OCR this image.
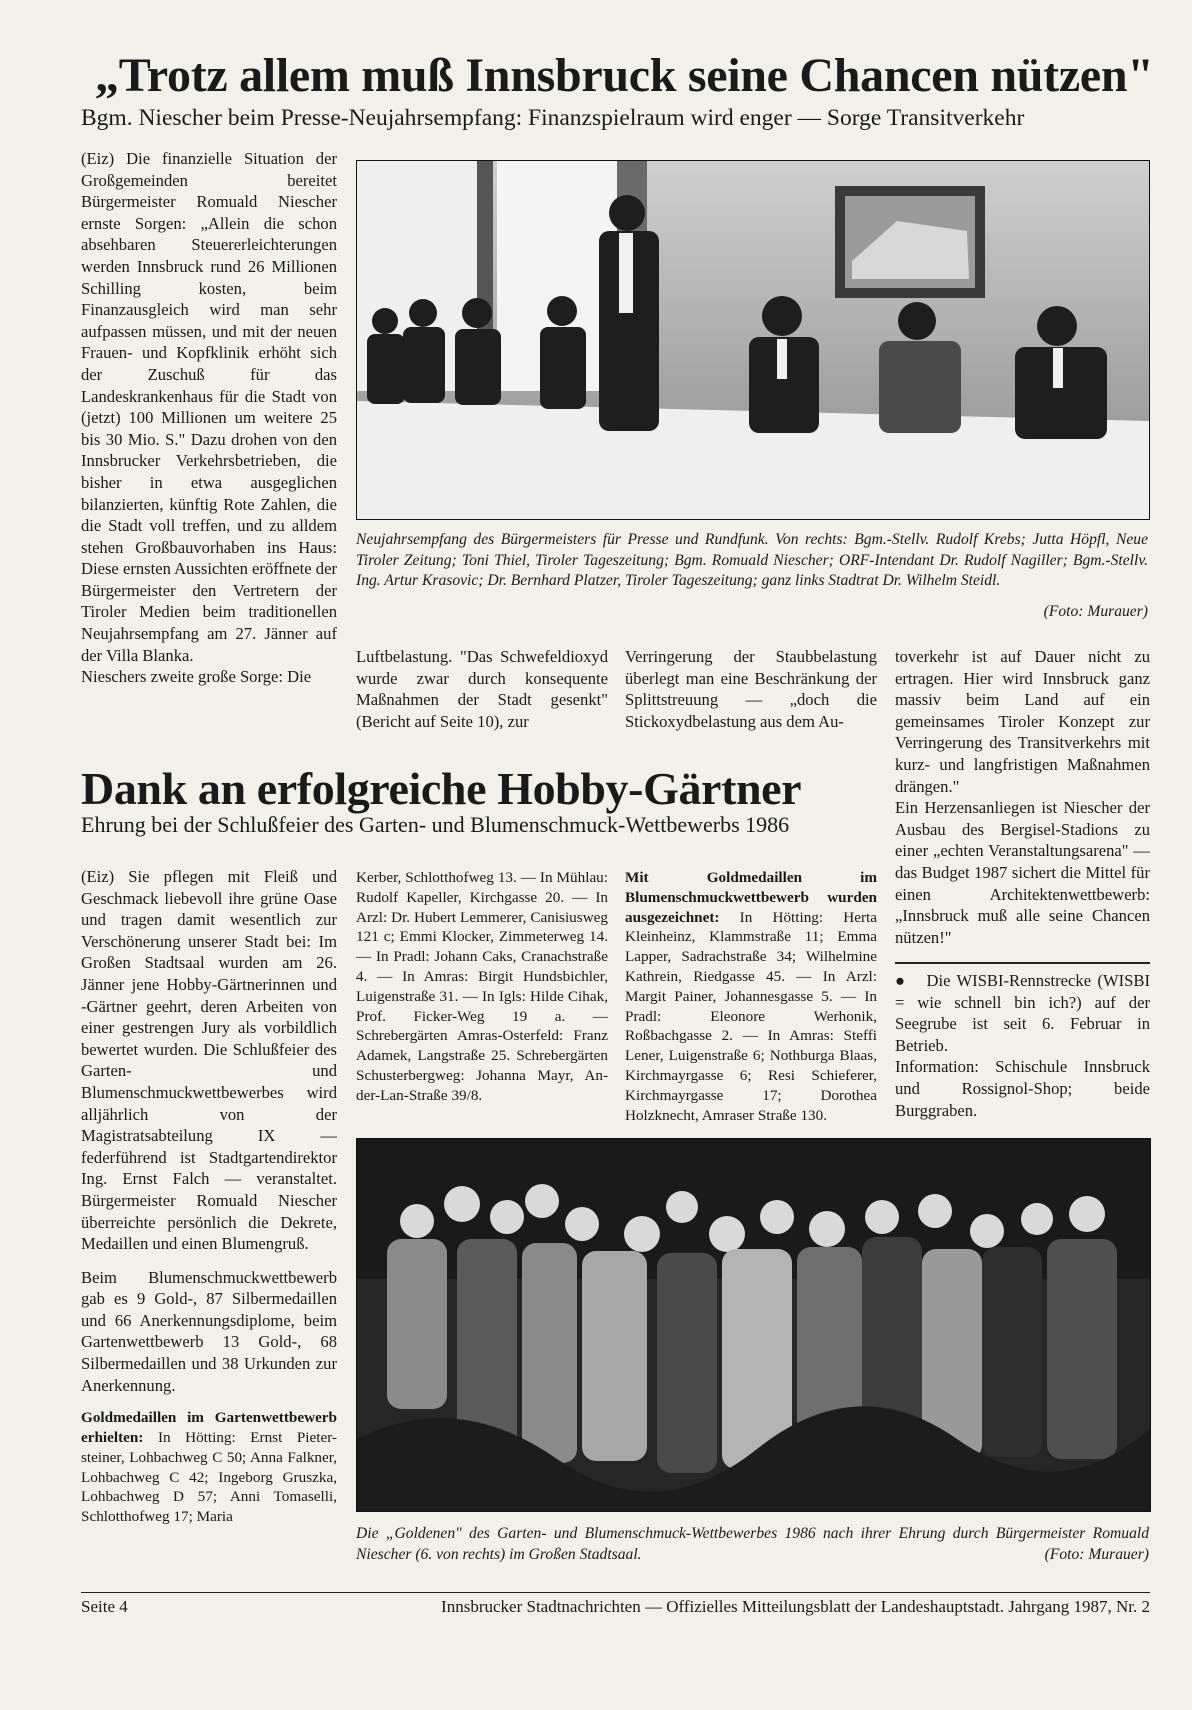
„Trotz allem muß Innsbruck seine Chancen nützen"
Bgm. Niescher beim Presse-Neujahrsempfang: Finanzspielraum wird enger — Sorge Transitverkehr

(Eiz) Die finanzielle Situation der Großgemeinden bereitet Bürgermeister Romuald Niescher ernste Sorgen: „Allein die schon absehbaren Steuererleichterungen werden Innsbruck rund 26 Millionen Schilling kosten, beim Finanzausgleich wird man sehr aufpassen müssen, und mit der neuen Frauen- und Kopfklinik erhöht sich der Zuschuß für das Landeskrankenhaus für die Stadt von (jetzt) 100 Millionen um weitere 25 bis 30 Mio. S." Dazu drohen von den Innsbrucker Verkehrsbetrieben, die bisher in etwa ausgeglichen bilanzierten, künftig Rote Zahlen, die die Stadt voll treffen, und zu alldem stehen Großbauvorhaben ins Haus: Diese ernsten Aussichten eröffnete der Bürgermeister den Vertretern der Tiroler Medien beim traditionellen Neujahrsempfang am 27. Jänner auf der Villa Blanka.

Nieschers zweite große Sorge: Die

Neujahrsempfang des Bürgermeisters für Presse und Rundfunk. Von rechts: Bgm.-Stellv. Rudolf Krebs; Jutta Höpfl, Neue Tiroler Zeitung; Toni Thiel, Tiroler Tageszeitung; Bgm. Romuald Niescher; ORF-Intendant Dr. Rudolf Nagiller; Bgm.-Stellv. Ing. Artur Krasovic; Dr. Bernhard Platzer, Tiroler Tageszeitung; ganz links Stadtrat Dr. Wilhelm Steidl.
(Foto: Murauer)
Luftbelastung. "Das Schwefeldioxyd wurde zwar durch konsequente Maßnahmen der Stadt gesenkt" (Bericht auf Seite 10), zur
Verringerung der Staubbelastung überlegt man eine Beschränkung der Splittstreuung — „doch die Stickoxydbelastung aus dem Au-

toverkehr ist auf Dauer nicht zu ertragen. Hier wird Innsbruck ganz massiv beim Land auf ein gemeinsames Tiroler Konzept zur Verringerung des Transitverkehrs mit kurz- und langfristigen Maßnahmen drängen."

Ein Herzensanliegen ist Niescher der Ausbau des Bergisel-Stadions zu einer „echten Veranstaltungsarena" — das Budget 1987 sichert die Mittel für einen Architektenwettbewerb: „Innsbruck muß alle seine Chancen nützen!"

Dank an erfolgreiche Hobby-Gärtner
Ehrung bei der Schlußfeier des Garten- und Blumenschmuck-Wettbewerbs 1986

(Eiz) Sie pflegen mit Fleiß und Geschmack liebevoll ihre grüne Oase und tragen damit wesentlich zur Verschönerung unserer Stadt bei: Im Großen Stadtsaal wurden am 26. Jänner jene Hobby-Gärtnerinnen und -Gärtner geehrt, deren Arbeiten von einer gestrengen Jury als vorbildlich bewertet wurden. Die Schlußfeier des Garten- und Blumenschmuckwettbewerbes wird alljährlich von der Magistratsabteilung IX — federführend ist Stadtgartendirektor Ing. Ernst Falch — veranstaltet. Bürgermeister Romuald Niescher überreichte persönlich die Dekrete, Medaillen und einen Blumengruß.

Beim Blumenschmuckwettbewerb gab es 9 Gold-, 87 Silbermedaillen und 66 Anerkennungsdiplome, beim Gartenwettbewerb 13 Gold-, 68 Silbermedaillen und 38 Urkunden zur Anerkennung.

Goldmedaillen im Gartenwettbewerb erhielten: In Hötting: Ernst Pieter-steiner, Lohbachweg C 50; Anna Falkner, Lohbachweg C 42; Ingeborg Gruszka, Lohbachweg D 57; Anni Tomaselli, Schlotthofweg 17; Maria

Kerber, Schlotthofweg 13. — In Mühlau: Rudolf Kapeller, Kirchgasse 20. — In Arzl: Dr. Hubert Lemmerer, Canisiusweg 121 c; Emmi Klocker, Zimmeterweg 14. — In Pradl: Johann Caks, Cranachstraße 4. — In Amras: Birgit Hundsbichler, Luigenstraße 31. — In Igls: Hilde Cihak, Prof. Ficker-Weg 19 a. — Schrebergärten Amras-Osterfeld: Franz Adamek, Langstraße 25. Schrebergärten Schusterbergweg: Johanna Mayr, An-der-Lan-Straße 39/8.
Mit Goldmedaillen im Blumenschmuckwettbewerb wurden ausgezeichnet: In Hötting: Herta Kleinheinz, Klammstraße 11; Emma Lapper, Sadrachstraße 34; Wilhelmine Kathrein, Riedgasse 45. — In Arzl: Margit Painer, Johannesgasse 5. — In Pradl: Eleonore Werhonik, Roßbachgasse 2. — In Amras: Steffi Lener, Luigenstraße 6; Nothburga Blaas, Kirchmayrgasse 6; Resi Schieferer, Kirchmayrgasse 17; Dorothea Holzknecht, Amraser Straße 130.

● Die WISBI-Rennstrecke (WISBI = wie schnell bin ich?) auf der Seegrube ist seit 6. Februar in Betrieb.

Information: Schischule Innsbruck und Rossignol-Shop; beide Burggraben.

Die „Goldenen" des Garten- und Blumenschmuck-Wettbewerbes 1986 nach ihrer Ehrung durch Bürgermeister Romuald Niescher (6. von rechts) im Großen Stadtsaal.	(Foto: Murauer)
Seite 4	Innsbrucker Stadtnachrichten — Offizielles Mitteilungsblatt der Landeshauptstadt. Jahrgang 1987, Nr. 2
